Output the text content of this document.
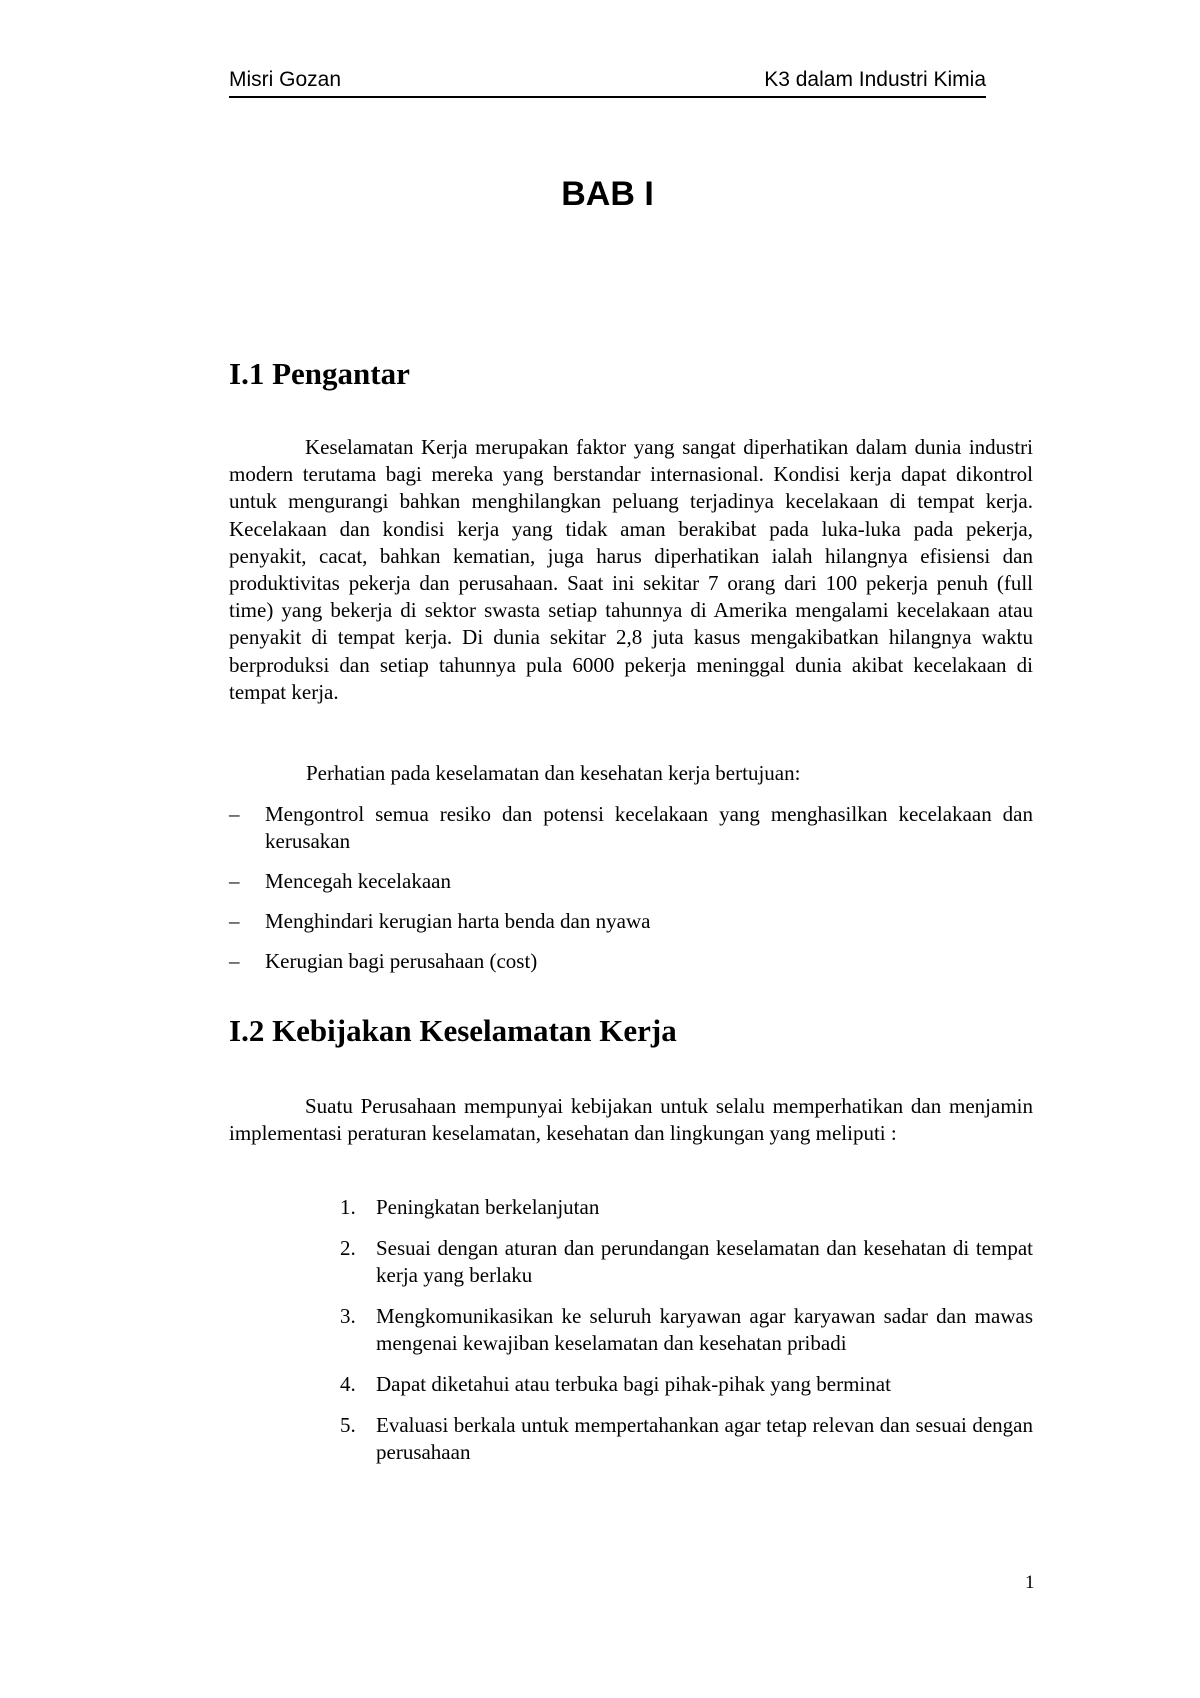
Misri Gozan	K3 dalam Industri Kimia
BAB I
I.1 Pengantar

Keselamatan Kerja merupakan faktor yang sangat diperhatikan dalam dunia industri modern terutama bagi mereka yang berstandar internasional. Kondisi kerja dapat dikontrol untuk mengurangi bahkan menghilangkan peluang terjadinya kecelakaan di tempat kerja. Kecelakaan dan kondisi kerja yang tidak aman berakibat pada luka-luka pada pekerja, penyakit, cacat, bahkan kematian, juga harus diperhatikan ialah hilangnya efisiensi dan produktivitas pekerja dan perusahaan. Saat ini sekitar 7 orang dari 100 pekerja penuh (full time) yang bekerja di sektor swasta setiap tahunnya di Amerika mengalami kecelakaan atau penyakit di tempat kerja. Di dunia sekitar 2,8 juta kasus mengakibatkan hilangnya waktu berproduksi dan setiap tahunnya pula 6000 pekerja meninggal dunia akibat kecelakaan di tempat kerja.

Perhatian pada keselamatan dan kesehatan kerja bertujuan:

– Mengontrol semua resiko dan potensi kecelakaan yang menghasilkan kecelakaan dan kerusakan
– Mencegah kecelakaan
– Menghindari kerugian harta benda dan nyawa
– Kerugian bagi perusahaan (cost)
I.2 Kebijakan Keselamatan Kerja

Suatu Perusahaan mempunyai kebijakan untuk selalu memperhatikan dan menjamin implementasi peraturan keselamatan, kesehatan dan lingkungan yang meliputi :

1. Peningkatan berkelanjutan
2. Sesuai dengan aturan dan perundangan keselamatan dan kesehatan di tempat kerja yang berlaku
3. Mengkomunikasikan ke seluruh karyawan agar karyawan sadar dan mawas mengenai kewajiban keselamatan dan kesehatan pribadi
4. Dapat diketahui atau terbuka bagi pihak-pihak yang berminat
5. Evaluasi berkala untuk mempertahankan agar tetap relevan dan sesuai dengan perusahaan
1
